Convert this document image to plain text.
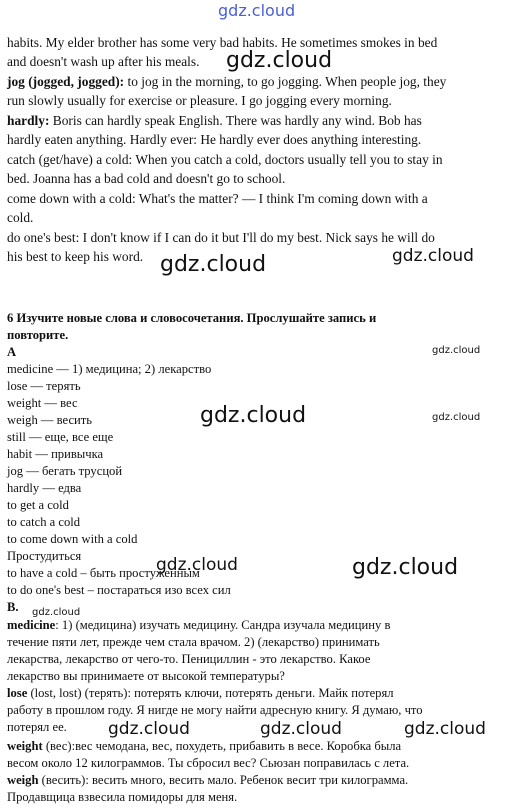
gdz.cloud
gdz.cloud
gdz.cloud	gdz.cloud
gdz.cloud
gdz.cloud	gdz.cloud
gdz.cloud	gdz.cloud
gdz.cloud
gdz.cloud	gdz.cloud	gdz.cloud
habits. My elder brother has some very bad habits. He sometimes smokes in bed
and doesn't wash up after his meals.
jog (jogged, jogged): to jog in the morning, to go jogging. When people jog, they
run slowly usually for exercise or pleasure. I go jogging every morning.
hardly: Boris can hardly speak English. There was hardly any wind. Bob has
hardly eaten anything. Hardly ever: He hardly ever does anything interesting.
catch (get/have) a cold: When you catch a cold, doctors usually tell you to stay in
bed. Joanna has a bad cold and doesn't go to school.
come down with a cold: What's the matter? — I think I'm coming down with a
cold.
do one's best: I don't know if I can do it but I'll do my best. Nick says he will do
his best to keep his word.
6 Изучите новые слова и словосочетания. Прослушайте запись и
повторите.
A
medicine — 1) медицина; 2) лекарство
lose — терять
weight — вес
weigh — весить
still — еще, все еще
habit — привычка
jog — бегать трусцой
hardly — едва
to get a cold
to catch a cold
to come down with a cold
Простудиться
to have a cold – быть простуженным
to do one's best – постараться изо всех сил
B.
medicine: 1) (медицина) изучать медицину. Сандра изучала медицину в
течение пяти лет, прежде чем стала врачом. 2) (лекарство) принимать
лекарства, лекарство от чего-то. Пенициллин - это лекарство. Какое
лекарство вы принимаете от высокой температуры?
lose (lost, lost) (терять): потерять ключи, потерять деньги. Майк потерял
работу в прошлом году. Я нигде не могу найти адресную книгу. Я думаю, что
потерял ее.
weight (вес):вес чемодана, вес, похудеть, прибавить в весе. Коробка была
весом около 12 килограммов. Ты сбросил вес? Сьюзан поправилась с лета.
weigh (весить): весить много, весить мало. Ребенок весит три килограмма.
Продавщица взвесила помидоры для меня.
